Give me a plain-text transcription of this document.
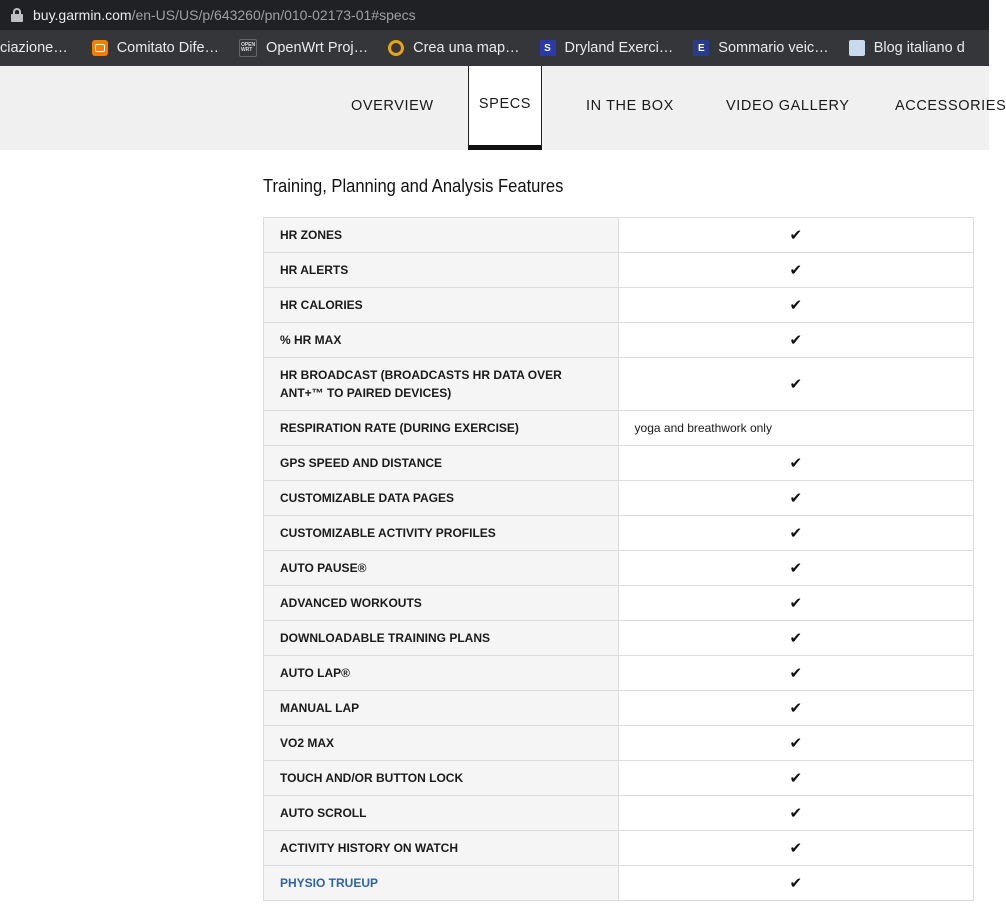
buy.garmin.com /en-US/US/p/643260/pn/010-02173-01#specs
ciazione…	Comitato Dife…	OPEN
WRT OpenWrt Proj…	Crea una map…	S Dryland Exerci…	E Sommario veic…	Blog italiano d
OVERVIEW	SPECS	IN THE BOX	VIDEO GALLERY	ACCESSORIES
Training, Planning and Analysis Features
HR ZONES	✔
HR ALERTS	✔
HR CALORIES	✔
% HR MAX	✔
HR BROADCAST (BROADCASTS HR DATA OVER ANT+™ TO PAIRED DEVICES)	✔
RESPIRATION RATE (DURING EXERCISE)	yoga and breathwork only
GPS SPEED AND DISTANCE	✔
CUSTOMIZABLE DATA PAGES	✔
CUSTOMIZABLE ACTIVITY PROFILES	✔
AUTO PAUSE®	✔
ADVANCED WORKOUTS	✔
DOWNLOADABLE TRAINING PLANS	✔
AUTO LAP®	✔
MANUAL LAP	✔
VO2 MAX	✔
TOUCH AND/OR BUTTON LOCK	✔
AUTO SCROLL	✔
ACTIVITY HISTORY ON WATCH	✔
PHYSIO TRUEUP	✔
